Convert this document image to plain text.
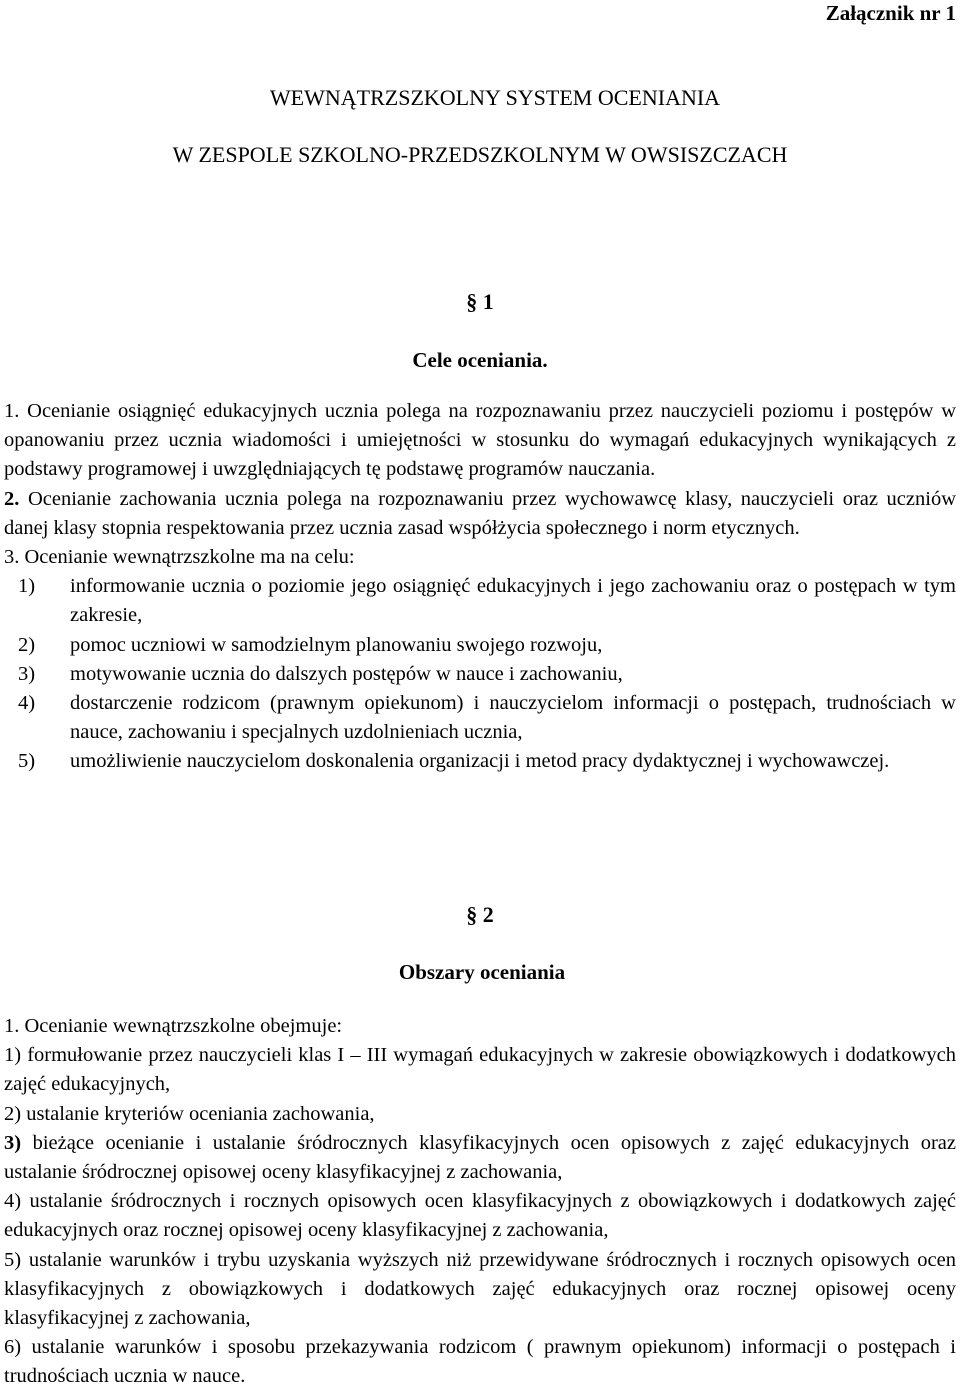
Załącznik nr 1
WEWNĄTRZSZKOLNY SYSTEM OCENIANIA
W ZESPOLE SZKOLNO-PRZEDSZKOLNYM W OWSISZCZACH
§ 1
Cele oceniania.

1. Ocenianie osiągnięć edukacyjnych ucznia polega na rozpoznawaniu przez nauczycieli poziomu i postępów w opanowaniu przez ucznia wiadomości i umiejętności w stosunku do wymagań edukacyjnych wynikających z podstawy programowej i uwzględniających tę podstawę programów nauczania.

2. Ocenianie zachowania ucznia polega na rozpoznawaniu przez wychowawcę klasy, nauczycieli oraz uczniów danej klasy stopnia respektowania przez ucznia zasad współżycia społecznego i norm etycznych.

3. Ocenianie wewnątrzszkolne ma na celu:

1)	informowanie ucznia o poziomie jego osiągnięć edukacyjnych i jego zachowaniu oraz o postępach w tym zakresie,
2)	pomoc uczniowi w samodzielnym planowaniu swojego rozwoju,
3)	motywowanie ucznia do dalszych postępów w nauce i zachowaniu,
4)	dostarczenie rodzicom (prawnym opiekunom) i nauczycielom informacji o postępach, trudnościach w nauce, zachowaniu i specjalnych uzdolnieniach ucznia,
5)	umożliwienie nauczycielom doskonalenia organizacji i metod pracy dydaktycznej i wychowawczej.
§ 2
Obszary oceniania

1. Ocenianie wewnątrzszkolne obejmuje:

1) formułowanie przez nauczycieli klas I – III wymagań edukacyjnych w zakresie obowiązkowych i dodatkowych zajęć edukacyjnych,

2) ustalanie kryteriów oceniania zachowania,

3) bieżące ocenianie i ustalanie śródrocznych klasyfikacyjnych ocen opisowych z zajęć edukacyjnych oraz ustalanie śródrocznej opisowej oceny klasyfikacyjnej z zachowania,

4) ustalanie śródrocznych i rocznych opisowych ocen klasyfikacyjnych z obowiązkowych i dodatkowych zajęć edukacyjnych oraz rocznej opisowej oceny klasyfikacyjnej z zachowania,

5) ustalanie warunków i trybu uzyskania wyższych niż przewidywane śródrocznych i rocznych opisowych ocen klasyfikacyjnych z obowiązkowych i dodatkowych zajęć edukacyjnych oraz rocznej opisowej oceny klasyfikacyjnej z zachowania,

6) ustalanie warunków i sposobu przekazywania rodzicom ( prawnym opiekunom) informacji o postępach i trudnościach ucznia w nauce.
